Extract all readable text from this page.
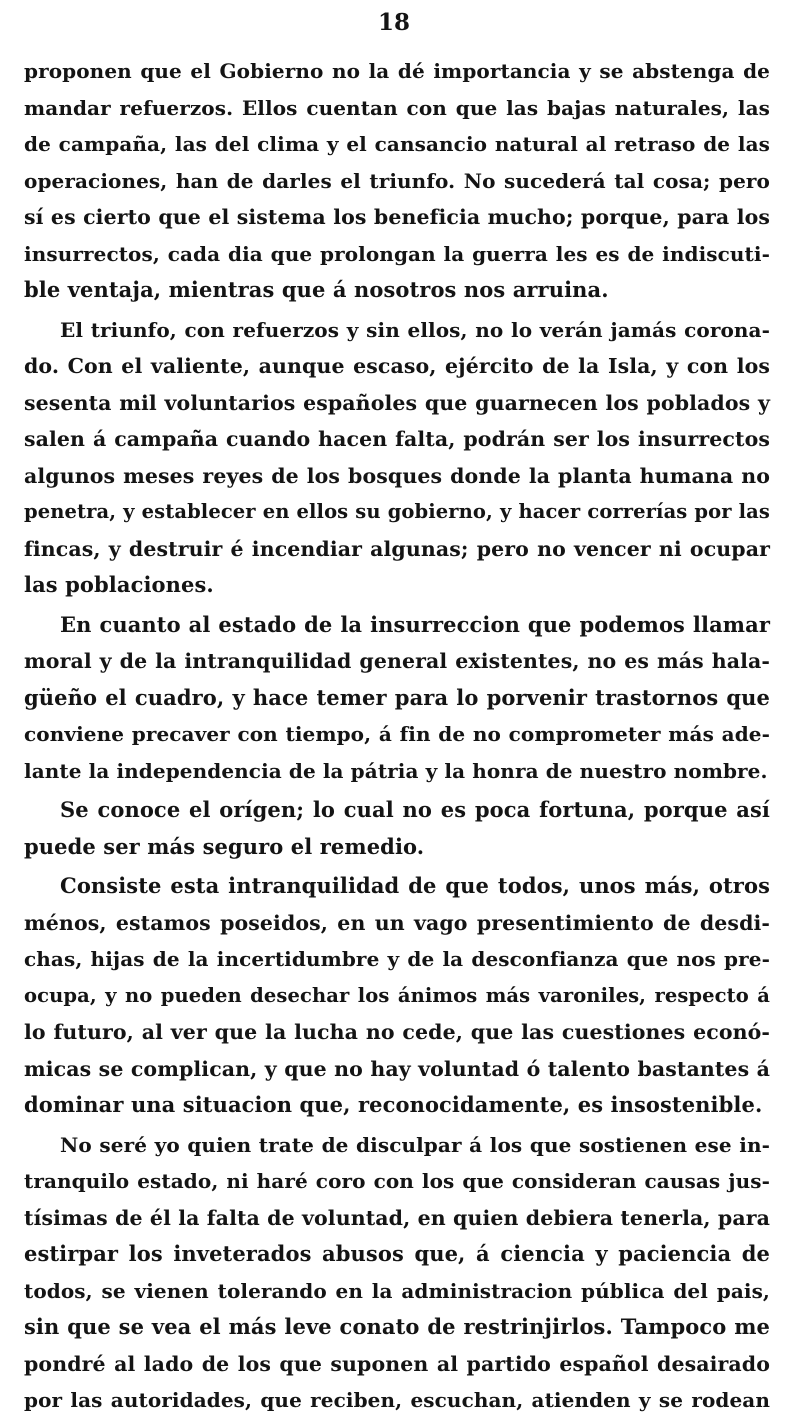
18
proponen que el Gobierno no la dé importancia y se abstenga de
mandar refuerzos. Ellos cuentan con que las bajas naturales, las
de campaña, las del clima y el cansancio natural al retraso de las
operaciones, han de darles el triunfo. No sucederá tal cosa; pero
sí es cierto que el sistema los beneficia mucho; porque, para los
insurrectos, cada dia que prolongan la guerra les es de indiscuti-
ble ventaja, mientras que á nosotros nos arruina.
El triunfo, con refuerzos y sin ellos, no lo verán jamás corona-
do. Con el valiente, aunque escaso, ejército de la Isla, y con los
sesenta mil voluntarios españoles que guarnecen los poblados y
salen á campaña cuando hacen falta, podrán ser los insurrectos
algunos meses reyes de los bosques donde la planta humana no
penetra, y establecer en ellos su gobierno, y hacer correrías por las
fincas, y destruir é incendiar algunas; pero no vencer ni ocupar
las poblaciones.
En cuanto al estado de la insurreccion que podemos llamar
moral y de la intranquilidad general existentes, no es más hala-
güeño el cuadro, y hace temer para lo porvenir trastornos que
conviene precaver con tiempo, á fin de no comprometer más ade-
lante la independencia de la pátria y la honra de nuestro nombre.
Se conoce el orígen; lo cual no es poca fortuna, porque así
puede ser más seguro el remedio.
Consiste esta intranquilidad de que todos, unos más, otros
ménos, estamos poseidos, en un vago presentimiento de desdi-
chas, hijas de la incertidumbre y de la desconfianza que nos pre-
ocupa, y no pueden desechar los ánimos más varoniles, respecto á
lo futuro, al ver que la lucha no cede, que las cuestiones econó-
micas se complican, y que no hay voluntad ó talento bastantes á
dominar una situacion que, reconocidamente, es insostenible.
No seré yo quien trate de disculpar á los que sostienen ese in-
tranquilo estado, ni haré coro con los que consideran causas jus-
tísimas de él la falta de voluntad, en quien debiera tenerla, para
estirpar los inveterados abusos que, á ciencia y paciencia de
todos, se vienen tolerando en la administracion pública del pais,
sin que se vea el más leve conato de restrinjirlos. Tampoco me
pondré al lado de los que suponen al partido español desairado
por las autoridades, que reciben, escuchan, atienden y se rodean
